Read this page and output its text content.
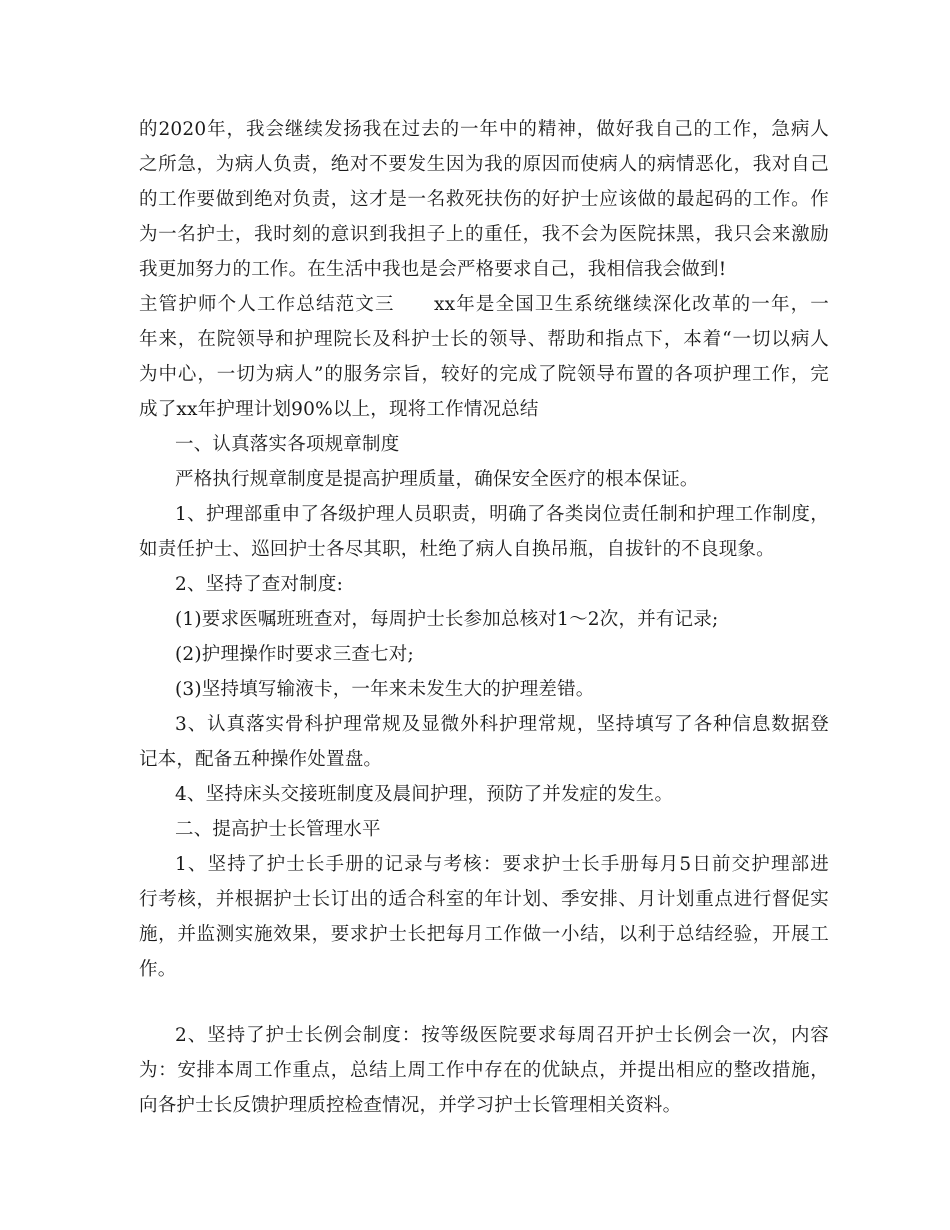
的2020年，我会继续发扬我在过去的一年中的精神，做好我自己的工作，急病人
之所急，为病人负责，绝对不要发生因为我的原因而使病人的病情恶化，我对自己
的工作要做到绝对负责，这才是一名救死扶伤的好护士应该做的最起码的工作。作
为一名护士，我时刻的意识到我担子上的重任，我不会为医院抹黑，我只会来激励
我更加努力的工作。在生活中我也是会严格要求自己，我相信我会做到!
主管护师个人工作总结范文三　　xx年是全国卫生系统继续深化改革的一年，一
年来，在院领导和护理院长及科护士长的领导、帮助和指点下，本着“一切以病人
为中心，一切为病人”的服务宗旨，较好的完成了院领导布置的各项护理工作，完
成了xx年护理计划90%以上，现将工作情况总结
一、认真落实各项规章制度
严格执行规章制度是提高护理质量，确保安全医疗的根本保证。
1、护理部重申了各级护理人员职责，明确了各类岗位责任制和护理工作制度，
如责任护士、巡回护士各尽其职，杜绝了病人自换吊瓶，自拔针的不良现象。
2、坚持了查对制度:
(1)要求医嘱班班查对，每周护士长参加总核对1～2次，并有记录;
(2)护理操作时要求三查七对;
(3)坚持填写输液卡，一年来未发生大的护理差错。
3、认真落实骨科护理常规及显微外科护理常规，坚持填写了各种信息数据登
记本，配备五种操作处置盘。
4、坚持床头交接班制度及晨间护理，预防了并发症的发生。
二、提高护士长管理水平
1、坚持了护士长手册的记录与考核：要求护士长手册每月5日前交护理部进
行考核，并根据护士长订出的适合科室的年计划、季安排、月计划重点进行督促实
施，并监测实施效果，要求护士长把每月工作做一小结，以利于总结经验，开展工
作。
2、坚持了护士长例会制度：按等级医院要求每周召开护士长例会一次，内容
为：安排本周工作重点，总结上周工作中存在的优缺点，并提出相应的整改措施，
向各护士长反馈护理质控检查情况，并学习护士长管理相关资料。
